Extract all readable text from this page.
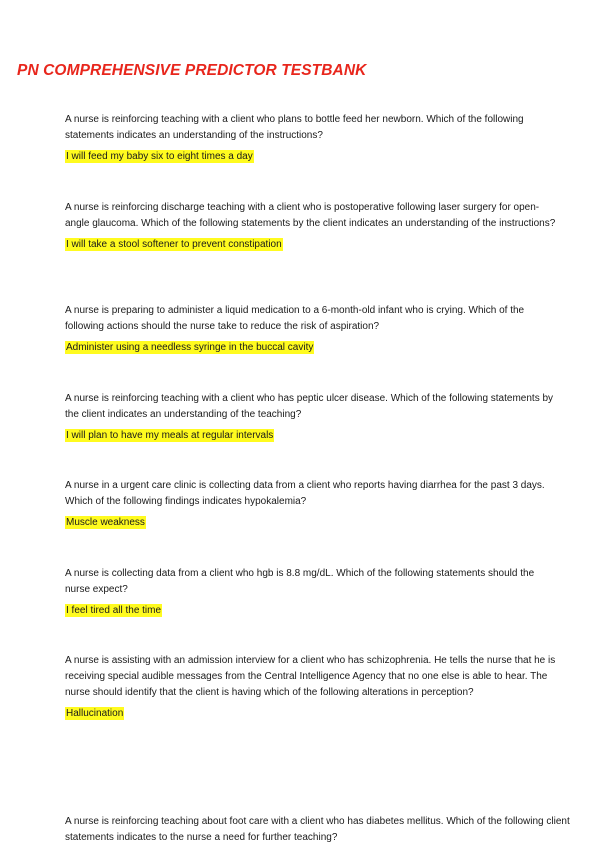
PN COMPREHENSIVE PREDICTOR TESTBANK

A nurse is reinforcing teaching with a client who plans to bottle feed her newborn. Which of the following statements indicates an understanding of the instructions?

I will feed my baby six to eight times a day

A nurse is reinforcing discharge teaching with a client who is postoperative following laser surgery for open-angle glaucoma. Which of the following statements by the client indicates an understanding of the instructions?

I will take a stool softener to prevent constipation

A nurse is preparing to administer a liquid medication to a 6-month-old infant who is crying. Which of the following actions should the nurse take to reduce the risk of aspiration?

Administer using a needless syringe in the buccal cavity

A nurse is reinforcing teaching with a client who has peptic ulcer disease. Which of the following statements by the client indicates an understanding of the teaching?

I will plan to have my meals at regular intervals

A nurse in a urgent care clinic is collecting data from a client who reports having diarrhea for the past 3 days. Which of the following findings indicates hypokalemia?

Muscle weakness

A nurse is collecting data from a client who hgb is 8.8 mg/dL. Which of the following statements should the nurse expect?

I feel tired all the time

A nurse is assisting with an admission interview for a client who has schizophrenia. He tells the nurse that he is receiving special audible messages from the Central Intelligence Agency that no one else is able to hear. The nurse should identify that the client is having which of the following alterations in perception?

Hallucination

A nurse is reinforcing teaching about foot care with a client who has diabetes mellitus. Which of the following client statements indicates to the nurse a need for further teaching?
